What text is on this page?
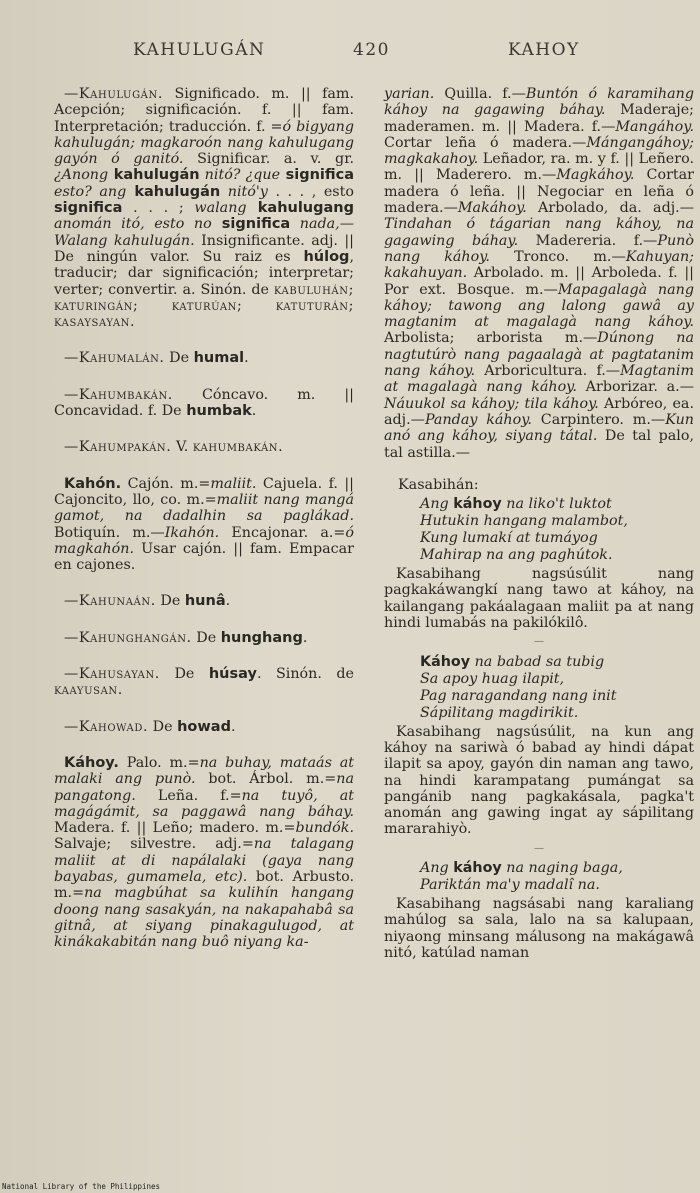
KAHULUGÁN	420	KAHOY
—Kahulugán. Significado. m. || fam. Acepción; significación. f. || fam. Interpretación; traducción. f. =ó bigyang kahulugán; magkaroón nang kahulugang gayón ó ganitó. Significar. a. v. gr. ¿Anong kahulugán nitó? ¿que significa esto? ang kahulugán nitó'y . . . , esto significa . . . ; walang kahulugang anomán itó, esto no significa nada,—Walang kahulugán. Insignificante. adj. || De ningún valor. Su raiz es húlog, traducir; dar significación; interpretar; verter; convertir. a. Sinón. de kabuluhán; katuringán; katurúan; katuturán; kasaysayan.
—Kahumalán. De humal.
—Kahumbakán. Cóncavo. m. || Concavidad. f. De humbak.
—Kahumpakán. V. kahumbakán.
Kahón. Cajón. m.=maliit. Cajuela. f. || Cajoncito, llo, co. m.=maliit nang mangá gamot, na dadalhin sa paglákad. Botiquín. m.—Ikahón. Encajonar. a.=ó magkahón. Usar cajón. || fam. Empacar en cajones.
—Kahunaán. De hunâ.
—Kahunghangán. De hunghang.
—Kahusayan. De húsay. Sinón. de kaayusan.
—Kahowad. De howad.
Káhoy. Palo. m.=na buhay, mataás at malaki ang punò. bot. Árbol. m.=na pangatong. Leña. f.=na tuyô, at magágámit, sa paggawâ nang báhay. Madera. f. || Leño; madero. m.=bundók. Salvaje; silvestre. adj.=na talagang maliit at di napálalaki (gaya nang bayabas, gumamela, etc). bot. Arbusto. m.=na magbúhat sa kulihín hangang doong nang sasakyán, na nakapahabâ sa gitnâ, at siyang pinakagulugod, at kinákakabitán nang buô niyang ka-
yarian. Quilla. f.—Buntón ó karamihang káhoy na gagawing báhay. Maderaje; maderamen. m. || Madera. f.—Mangáhoy. Cortar leña ó madera.—Mángangáhoy; magkakahoy. Leñador, ra. m. y f. || Leñero. m. || Maderero. m.—Magkáhoy. Cortar madera ó leña. || Negociar en leña ó madera.—Makáhoy. Arbolado, da. adj.—Tindahan ó tágarian nang káhoy, na gagawing báhay. Madereria. f.—Punò nang káhoy. Tronco. m.—Kahuyan; kakahuyan. Arbolado. m. || Arboleda. f. || Por ext. Bosque. m.—Mapagalagà nang káhoy; tawong ang lalong gawâ ay magtanim at magalagà nang káhoy. Arbolista; arborista m.—Dúnong na nagtutúrò nang pagaalagà at pagtatanim nang káhoy. Arboricultura. f.—Magtanim at magalagà nang káhoy. Arborizar. a.—Náuukol sa káhoy; tila káhoy. Arbóreo, ea. adj.—Panday káhoy. Carpintero. m.—Kun anó ang káhoy, siyang tátal. De tal palo, tal astilla.—
Kasabihán:
Ang káhoy na liko't luktot
Hutukin hangang malambot,
Kung lumakí at tumáyog
Mahirap na ang paghútok.
Kasabihang nagsúsúlit nang pagkakáwangkí nang tawo at káhoy, na kailangang pakáalagaan maliit pa at nang hindi lumabás na pakilókilô.
—
Káhoy na babad sa tubig
Sa apoy huag ilapit,
Pag naragandang nang init
Sápilitang magdirikit.
Kasabihang nagsúsúlit, na kun ang káhoy na sariwà ó babad ay hindi dápat ilapit sa apoy, gayón din naman ang tawo, na hindi karampatang pumángat sa pangánib nang pagkakásala, pagka't anomán ang gawing ingat ay sápilitang mararahiyò.
—
Ang káhoy na naging baga,
Pariktán ma'y madalî na.
Kasabihang nagsásabi nang karaliang mahúlog sa sala, lalo na sa kalupaan, niyaong minsang málusong na makágawâ nitó, katúlad naman
National Library of the Philippines
